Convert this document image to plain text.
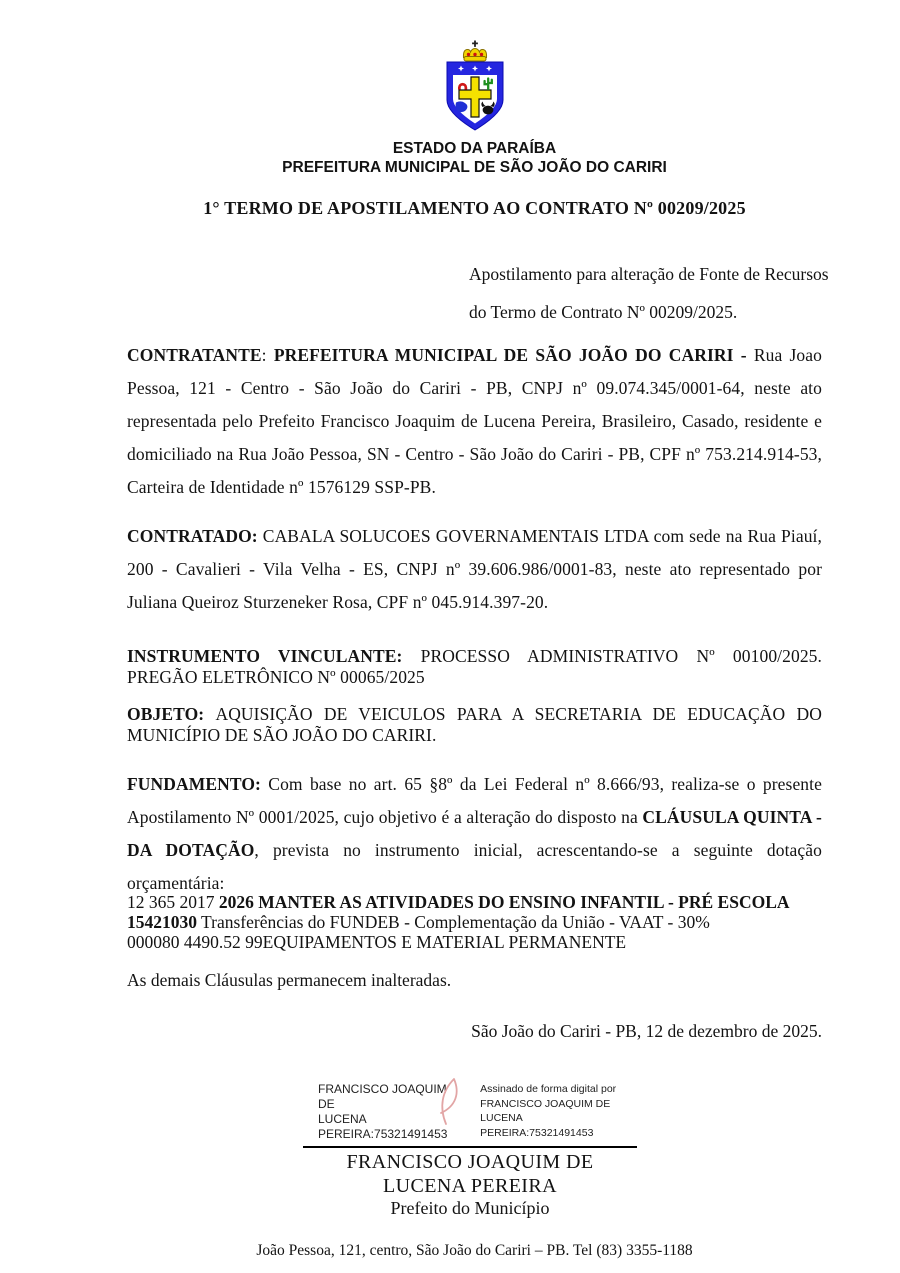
ESTADO DA PARAÍBA
PREFEITURA MUNICIPAL DE SÃO JOÃO DO CARIRI
1° TERMO DE APOSTILAMENTO AO CONTRATO Nº 00209/2025
Apostilamento para alteração de Fonte de Recursos
do Termo de Contrato Nº 00209/2025.

CONTRATANTE: PREFEITURA MUNICIPAL DE SÃO JOÃO DO CARIRI - Rua Joao Pessoa, 121 - Centro - São João do Cariri - PB, CNPJ nº 09.074.345/0001-64, neste ato representada pelo Prefeito Francisco Joaquim de Lucena Pereira, Brasileiro, Casado, residente e domiciliado na Rua João Pessoa, SN - Centro - São João do Cariri - PB, CPF nº 753.214.914-53, Carteira de Identidade nº 1576129 SSP-PB.

CONTRATADO: CABALA SOLUCOES GOVERNAMENTAIS LTDA com sede na Rua Piauí, 200 - Cavalieri - Vila Velha - ES, CNPJ nº 39.606.986/0001-83, neste ato representado por Juliana Queiroz Sturzeneker Rosa, CPF nº 045.914.397-20.

INSTRUMENTO VINCULANTE: PROCESSO ADMINISTRATIVO Nº 00100/2025. PREGÃO ELETRÔNICO Nº 00065/2025

OBJETO: AQUISIÇÃO DE VEICULOS PARA A SECRETARIA DE EDUCAÇÃO DO MUNICÍPIO DE SÃO JOÃO DO CARIRI.

FUNDAMENTO: Com base no art. 65 §8º da Lei Federal nº 8.666/93, realiza-se o presente Apostilamento Nº 0001/2025, cujo objetivo é a alteração do disposto na CLÁUSULA QUINTA - DA DOTAÇÃO, prevista no instrumento inicial, acrescentando-se a seguinte dotação orçamentária:

12 365 2017 2026 MANTER AS ATIVIDADES DO ENSINO INFANTIL - PRÉ ESCOLA
15421030 Transferências do FUNDEB - Complementação da União - VAAT - 30%
000080 4490.52 99EQUIPAMENTOS E MATERIAL PERMANENTE
As demais Cláusulas permanecem inalteradas.
São João do Cariri - PB, 12 de dezembro de 2025.
FRANCISCO JOAQUIM DE
LUCENA
PEREIRA:75321491453
Assinado de forma digital por
FRANCISCO JOAQUIM DE
LUCENA PEREIRA:75321491453
FRANCISCO JOAQUIM DE LUCENA PEREIRA
Prefeito do Município
João Pessoa, 121, centro, São João do Cariri – PB. Tel (83) 3355-1188
